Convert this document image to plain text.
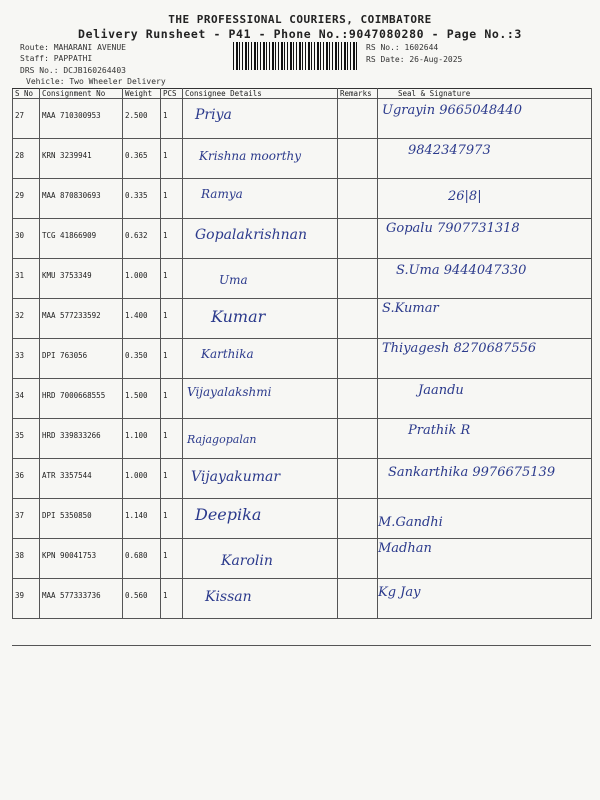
THE PROFESSIONAL COURIERS, COIMBATORE
Delivery Runsheet - P41 - Phone No.:9047080280 - Page No.:3
Route: MAHARANI AVENUE
Staff: PAPPATHI
DRS No.: DCJB160264403
Vehicle: Two Wheeler Delivery
RS No.: 1602644
RS Date: 26-Aug-2025
S No	Consignment No	Weight	PCS	Consignee Details	Remarks	Seal & Signature
27	MAA 710300953	2.500	1	Priya		Ugrayin 9665048440

28	KRN 3239941	0.365	1	Krishna moorthy		9842347973

29	MAA 870830693	0.335	1	Ramya		26|8|

30	TCG 41866909	0.632	1	Gopalakrishnan		Gopalu 7907731318

31	KMU 3753349	1.000	1	Uma		S.Uma 9444047330

32	MAA 577233592	1.400	1	Kumar		S.Kumar

33	DPI 763056	0.350	1	Karthika		Thiyagesh 8270687556

34	HRD 7000668555	1.500	1	Vijayalakshmi		Jaandu

35	HRD 339833266	1.100	1	Rajagopalan		Prathik R

36	ATR 3357544	1.000	1	Vijayakumar		Sankarthika 9976675139

37	DPI 5350850	1.140	1	Deepika		M.Gandhi

38	KPN 90041753	0.680	1	Karolin		Madhan

39	MAA 577333736	0.560	1	Kissan		Kg Jay
